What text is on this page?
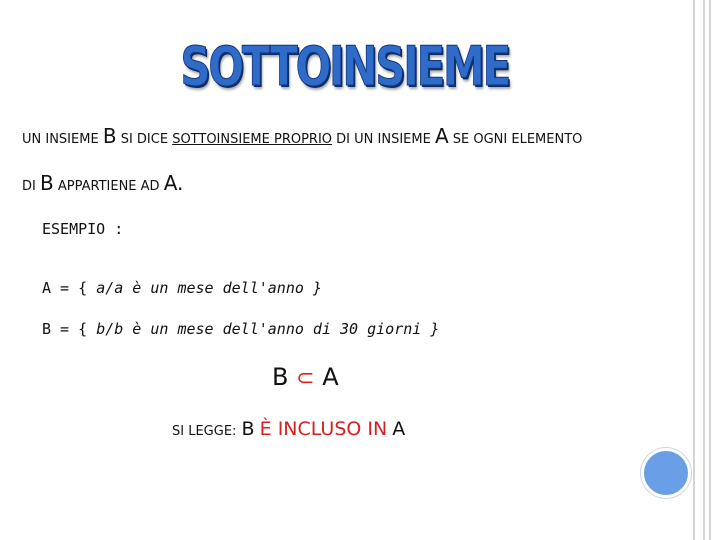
SOTTOINSIEME
UN INSIEME B SI DICE SOTTOINSIEME PROPRIO DI UN INSIEME A SE OGNI ELEMENTO
DI B APPARTIENE AD A.
ESEMPIO :
A = { a/a è un mese dell'anno }
B = { b/b è un mese dell'anno di 30 giorni }
B ⊂ A
SI LEGGE: B È INCLUSO IN A
